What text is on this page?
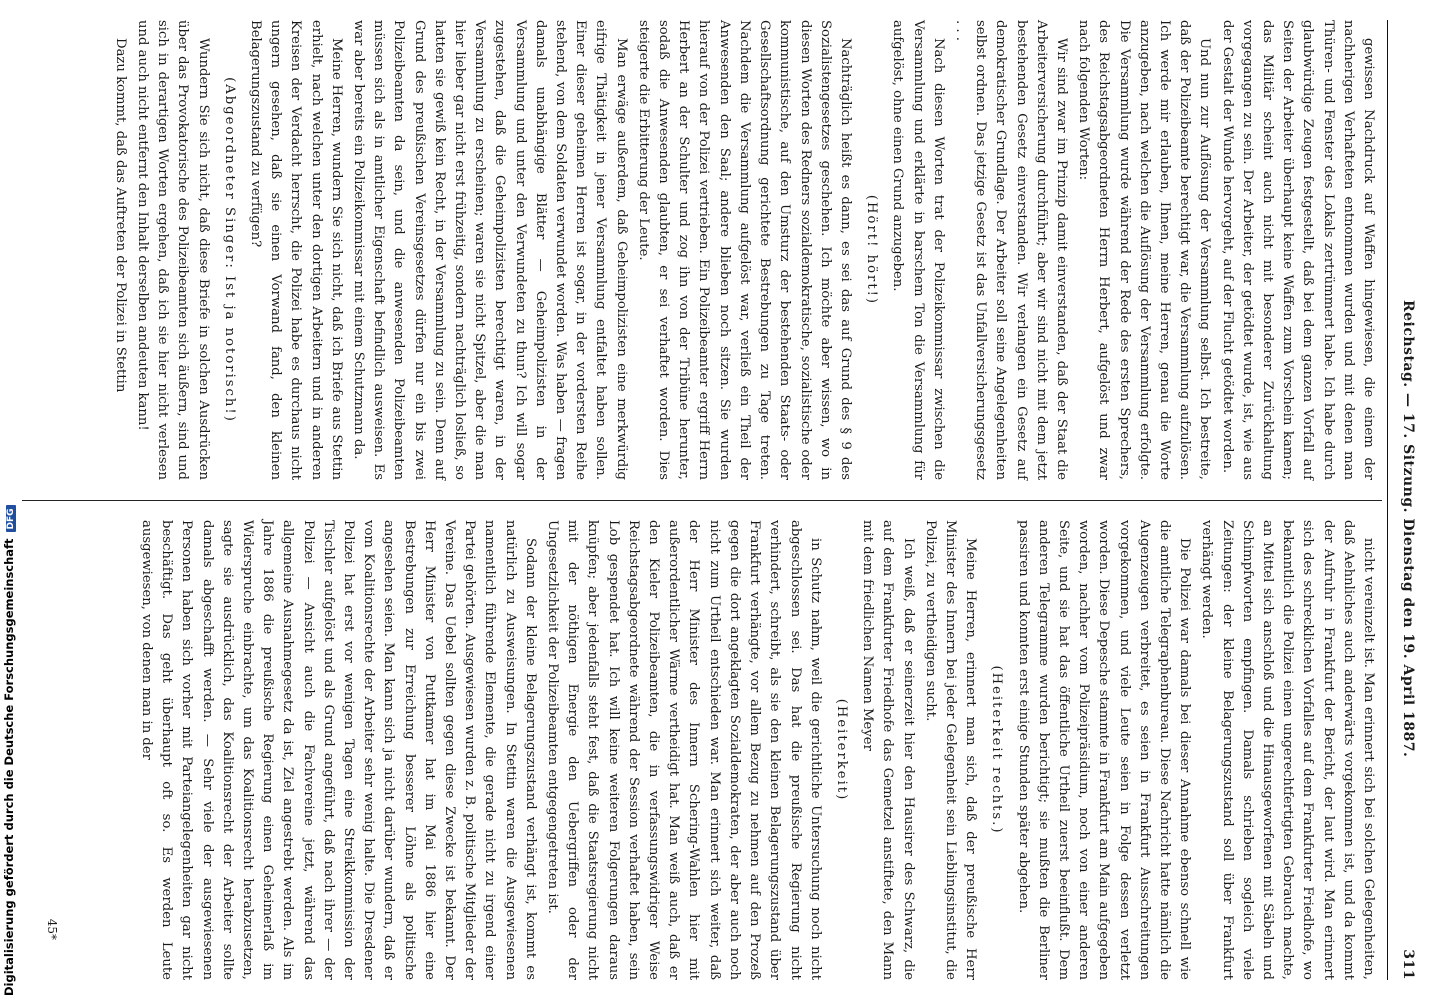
Reichstag. — 17. Sitzung. Dienstag den 19. April 1887.
311

gewissen Nachdruck auf Waffen hingewiesen, die einem der nachherigen Verhafteten entnommen wurden und mit denen man Thüren- und Fenster des Lokals zertrümmert habe. Ich habe durch glaubwürdige Zeugen festgestellt, daß bei dem ganzen Vorfall auf Seiten der Arbeiter überhaupt keine Waffen zum Vorschein kamen; das Militär scheint auch nicht mit besonderer Zurückhaltung vorgegangen zu sein. Der Arbeiter, der getödtet wurde, ist, wie aus der Gestalt der Wunde hervorgeht, auf der Flucht getödtet worden.

Und nun zur Auflösung der Versammlung selbst. Ich bestreite, daß der Polizeibeamte berechtigt war, die Versammlung aufzulösen. Ich werde mir erlauben, Ihnen, meine Herren, genau die Worte anzugeben, nach welchen die Auflösung der Versammlung erfolgte. Die Versammlung wurde während der Rede des ersten Sprechers, des Reichstagsabgeordneten Herrn Herbert, aufgelöst und zwar nach folgenden Worten:

Wir sind zwar im Prinzip damit einverstanden, daß der Staat die Arbeiterversicherung durchführt; aber wir sind nicht mit dem jetzt bestehenden Gesetz einverstanden. Wir verlangen ein Gesetz auf demokratischer Grundlage. Der Arbeiter soll seine Angelegenheiten selbst ordnen. Das jetzige Gesetz ist das Unfallversicherungsgesetz . . .

Nach diesen Worten trat der Polizeikommissar zwischen die Versammlung und erklärte in barschem Ton die Versammlung für aufgelöst, ohne einen Grund anzugeben.

(Hört! hört!)

Nachträglich heißt es dann, es sei das auf Grund des § 9 des Sozialistengesetzes geschehen. Ich möchte aber wissen, wo in diesen Worten des Redners sozialdemokratische, sozialistische oder kommunistische, auf den Umsturz der bestehenden Staats- oder Gesellschaftsordnung gerichtete Bestrebungen zu Tage treten. Nachdem die Versammlung aufgelöst war, verließ ein Theil der Anwesenden den Saal; andere blieben noch sitzen. Sie wurden hierauf von der Polizei vertrieben. Ein Polizeibeamter ergriff Herrn Herbert an der Schulter und zog ihn von der Tribüne herunter, sodaß die Anwesenden glaubten, er sei verhaftet worden. Dies steigerte die Erbitterung der Leute.

Man erwäge außerdem, daß Geheimpolizisten eine merkwürdig eifrige Thätigkeit in jener Versammlung entfaltet haben sollen. Einer dieser geheimen Herren ist sogar, in der vordersten Reihe stehend, von dem Soldaten verwundet worden. Was haben — fragen damals unabhängige Blätter — Geheimpolizisten in der Versammlung und unter den Verwundeten zu thun? Ich will sogar zugestehen, daß die Geheimpolizisten berechtigt waren, in der Versammlung zu erscheinen; waren sie nicht Spitzel, aber die man hier lieber gar nicht erst frühzeitig, sondern nachträglich losließ, so hatten sie gewiß kein Recht, in der Versammlung zu sein. Denn auf Grund des preußischen Vereinsgesetzes dürfen nur ein bis zwei Polizeibeamten da sein, und die anwesenden Polizeibeamten müssen sich als in amtlicher Eigenschaft befindlich ausweisen. Es war aber bereits ein Polizeikommissar mit einem Schutzmann da.

Meine Herren, wundern Sie sich nicht, daß ich Briefe aus Stettin erhielt, nach welchen unter den dortigen Arbeitern und in anderen Kreisen der Verdacht herrscht, die Polizei habe es durchaus nicht ungern gesehen, daß sie einen Vorwand fand, den kleinen Belagerungszustand zu verfügen?

(Abgeordneter Singer: Ist ja notorisch!)

Wundern Sie sich nicht, daß diese Briefe in solchen Ausdrücken über das Provokatorische des Polizeibeamten sich äußern, sind und sich in derartigen Worten ergehen, daß ich sie hier nicht verlesen und auch nicht entfernt den Inhalt derselben andeuten kann!

Dazu kommt, daß das Auftreten der Polizei in Stettin

nicht vereinzelt ist. Man erinnert sich bei solchen Gelegenheiten, daß Aehnliches auch anderwärts vorgekommen ist, und da kommt der Aufruhr in Frankfurt der Bericht, der laut wird. Man erinnert sich des schrecklichen Vorfalles auf dem Frankfurter Friedhofe, wo bekanntlich die Polizei einen ungerechtfertigten Gebrauch machte, an Mittel sich anschloß und die Hinausgeworfenen mit Säbeln und Schimpfworten empfingen. Damals schrieben sogleich viele Zeitungen: der kleine Belagerungszustand soll über Frankfurt verhängt werden.

Die Polizei war damals bei dieser Annahme ebenso schnell wie die amtliche Telegraphenbureau. Diese Nachricht hatte nämlich die Augenzeugen verbreitet, es seien in Frankfurt Ausschreitungen vorgekommen, und viele Leute seien in Folge dessen verletzt worden. Diese Depesche stammte in Frankfurt am Main aufgegeben worden, nachher vom Polizeipräsidium, noch von einer anderen Seite, und sie hat das öffentliche Urtheil zuerst beeinflußt. Dem anderen Telegramme wurden berichtigt; sie mußten die Berliner passiren und konnten erst einige Stunden später abgehen.

(Heiterkeit rechts.)

Meine Herren, erinnert man sich, daß der preußische Herr Minister des Innern bei jeder Gelegenheit sein Lieblingsinstitut, die Polizei, zu vertheidigen sucht.

Ich weiß, daß er seinerzeit hier den Hausirer des Schwarz, die auf dem Frankfurter Friedhofe das Gemetzel anstiftete, den Mann mit dem friedlichen Namen Meyer

(Heiterkeit)

in Schutz nahm, weil die gerichtliche Untersuchung noch nicht abgeschlossen sei. Das hat die preußische Regierung nicht verhindert, schreibt, als sie den kleinen Belagerungszustand über Frankfurt verhängte, vor allem Bezug zu nehmen auf den Prozeß gegen die dort angeklagten Sozialdemokraten, der aber auch noch nicht zum Urtheil entschieden war. Man erinnert sich weiter, daß der Herr Minister des Innern Schering-Wahlen hier mit außerordentlicher Wärme vertheidigt hat. Man weiß auch, daß er den Kieler Polizeibeamten, die in verfassungswidriger Weise Reichstagsabgeordnete während der Session verhaftet haben, sein Lob gespendet hat. Ich will keine weiteren Folgerungen daraus knüpfen; aber jedenfalls steht fest, daß die Staatsregierung nicht mit der nöthigen Energie den Uebergriffen oder der Ungesetzlichkeit der Polizeibeamten entgegengetreten ist.

Sodann der kleine Belagerungszustand verhängt ist, kommt es natürlich zu Ausweisungen. In Stettin waren die Ausgewiesenen namentlich führende Elemente, die gerade nicht zu irgend einer Partei gehörten. Ausgewiesen wurden z. B. politische Mitglieder der Vereine. Das Uebel sollten gegen diese Zwecke ist bekannt. Der Herr Minister von Puttkamer hat im Mai 1886 hier eine Bestrebungen zur Erreichung besserer Löhne als politische angesehen seien. Man kann sich ja nicht darüber wundern, daß er vom Koalitionsrechte der Arbeiter sehr wenig halte. Die Dresdener Polizei hat erst vor wenigen Tagen eine Streikkommission der Tischler aufgelöst und als Grund angeführt, daß nach ihrer — der Polizei — Ansicht auch die Fachvereine jetzt, während das allgemeine Ausnahmegesetz da ist, Ziel angestrebt werden. Als im Jahre 1886 die preußische Regierung einen Geheimerlaß im Widerspruche einbrachte, um das Koalitionsrecht herabzusetzen, sagte sie ausdrücklich, das Koalitionsrecht der Arbeiter sollte damals abgeschafft werden. — Sehr viele der ausgewiesenen Personen haben sich vorher mit Parteiangelegenheiten gar nicht beschäftigt. Das geht überhaupt oft so. Es werden Leute ausgewiesen, von denen man in der

45*
Digitalisierung gefördert durch die Deutsche ForschungsgemeinschaftDFG
